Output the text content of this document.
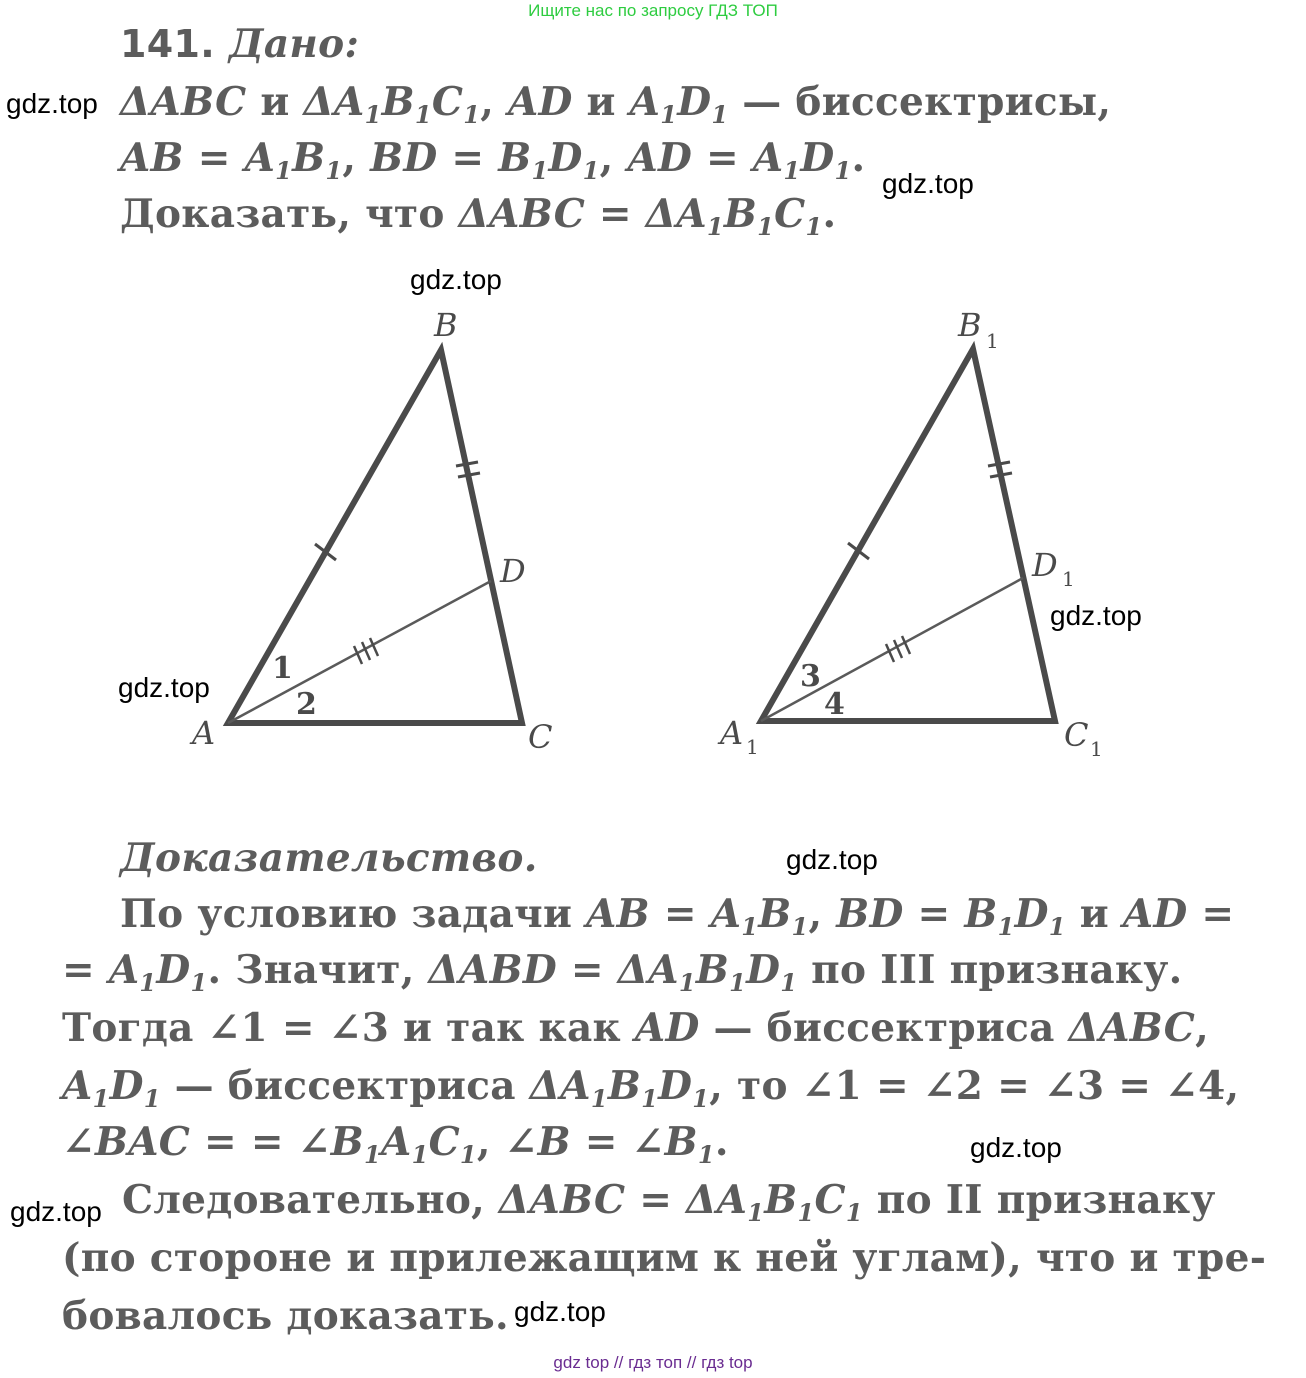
Ищите нас по запросу ГДЗ ТОП
141. Дано:
ΔABC и $\Delta A_1B_1C_1$, AD и $A_1D_1$ — биссектрисы,
AB = $A_1B_1$, BD = $B_1D_1$, AD = $A_1D_1$.
Доказать, что $\Delta ABC = \Delta A_1B_1C_1$.
A
B
C
D
1
2
A 1
B 1
C 1
D 1
3
4
Доказательство.
По условию задачи AB = $A_1B_1$, BD = $B_1D_1$ и AD =
= $A_1D_1$. Значит, $\Delta ABD = \Delta A_1B_1D_1$ по III признаку.
Тогда ∠1 = ∠3 и так как AD — биссектриса ΔABC,
$A_1D_1$ — биссектриса $\Delta A_1B_1D_1$, то ∠1 = ∠2 = ∠3 = ∠4,
∠BAC = = $\angle B_1A_1C_1$, ∠B = $\angle B_1$.
Следовательно, $\Delta ABC = \Delta A_1B_1C_1$ по II признаку
(по стороне и прилежащим к ней углам), что и тре-
бовалось доказать.
gdz.top
gdz.top
gdz.top
gdz.top
gdz.top
gdz.top
gdz.top
gdz.top
gdz.top
gdz top // гдз топ // гдз top
